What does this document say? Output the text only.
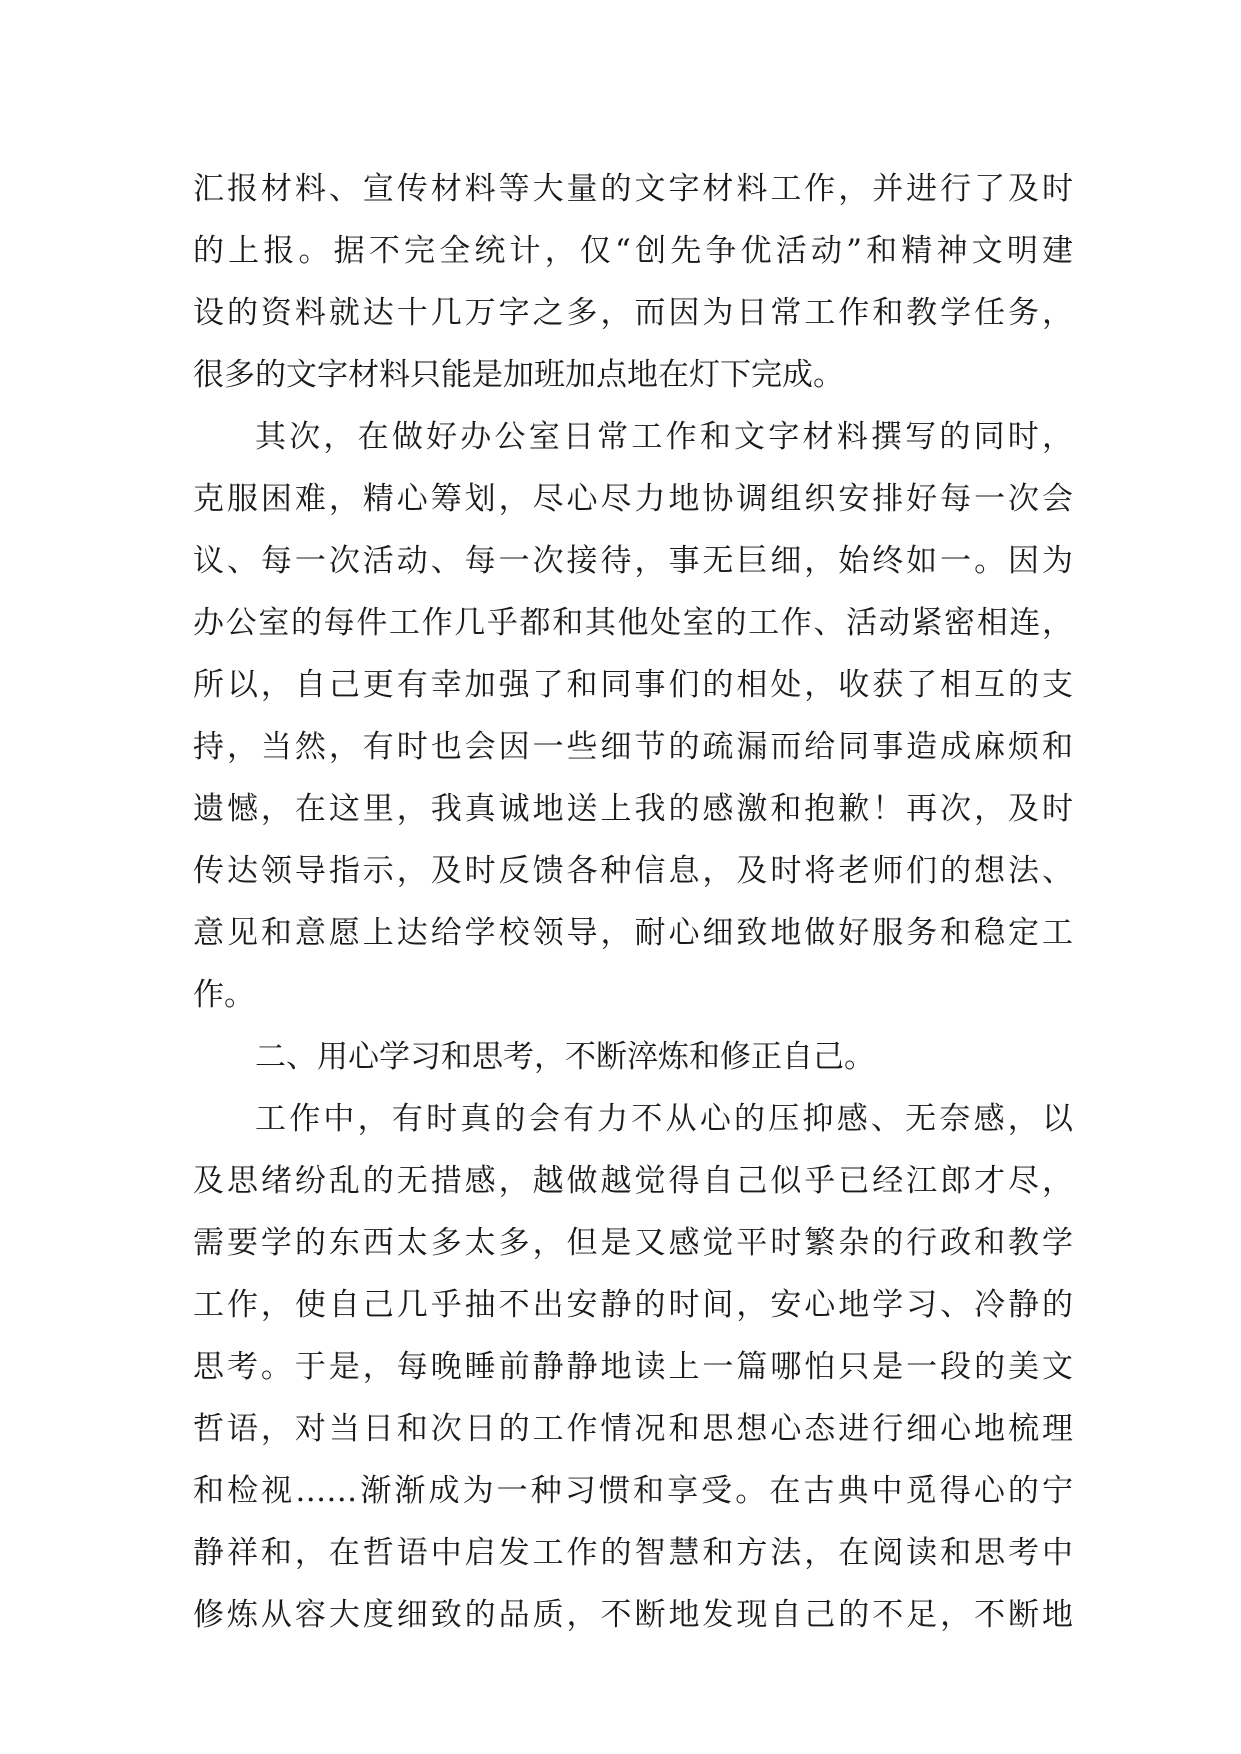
汇报材料、宣传材料等大量的文字材料工作，并进行了及时
的上报。据不完全统计，仅“创先争优活动”和精神文明建
设的资料就达十几万字之多，而因为日常工作和教学任务，
很多的文字材料只能是加班加点地在灯下完成。
其次，在做好办公室日常工作和文字材料撰写的同时，
克服困难，精心筹划，尽心尽力地协调组织安排好每一次会
议、每一次活动、每一次接待，事无巨细，始终如一。因为
办公室的每件工作几乎都和其他处室的工作、活动紧密相连，
所以，自己更有幸加强了和同事们的相处，收获了相互的支
持，当然，有时也会因一些细节的疏漏而给同事造成麻烦和
遗憾，在这里，我真诚地送上我的感激和抱歉！再次，及时
传达领导指示，及时反馈各种信息，及时将老师们的想法、
意见和意愿上达给学校领导，耐心细致地做好服务和稳定工
作。
二、用心学习和思考，不断淬炼和修正自己。
工作中，有时真的会有力不从心的压抑感、无奈感，以
及思绪纷乱的无措感，越做越觉得自己似乎已经江郎才尽，
需要学的东西太多太多，但是又感觉平时繁杂的行政和教学
工作，使自己几乎抽不出安静的时间，安心地学习、冷静的
思考。于是，每晚睡前静静地读上一篇哪怕只是一段的美文
哲语，对当日和次日的工作情况和思想心态进行细心地梳理
和检视……渐渐成为一种习惯和享受。在古典中觅得心的宁
静祥和，在哲语中启发工作的智慧和方法，在阅读和思考中
修炼从容大度细致的品质，不断地发现自己的不足，不断地
